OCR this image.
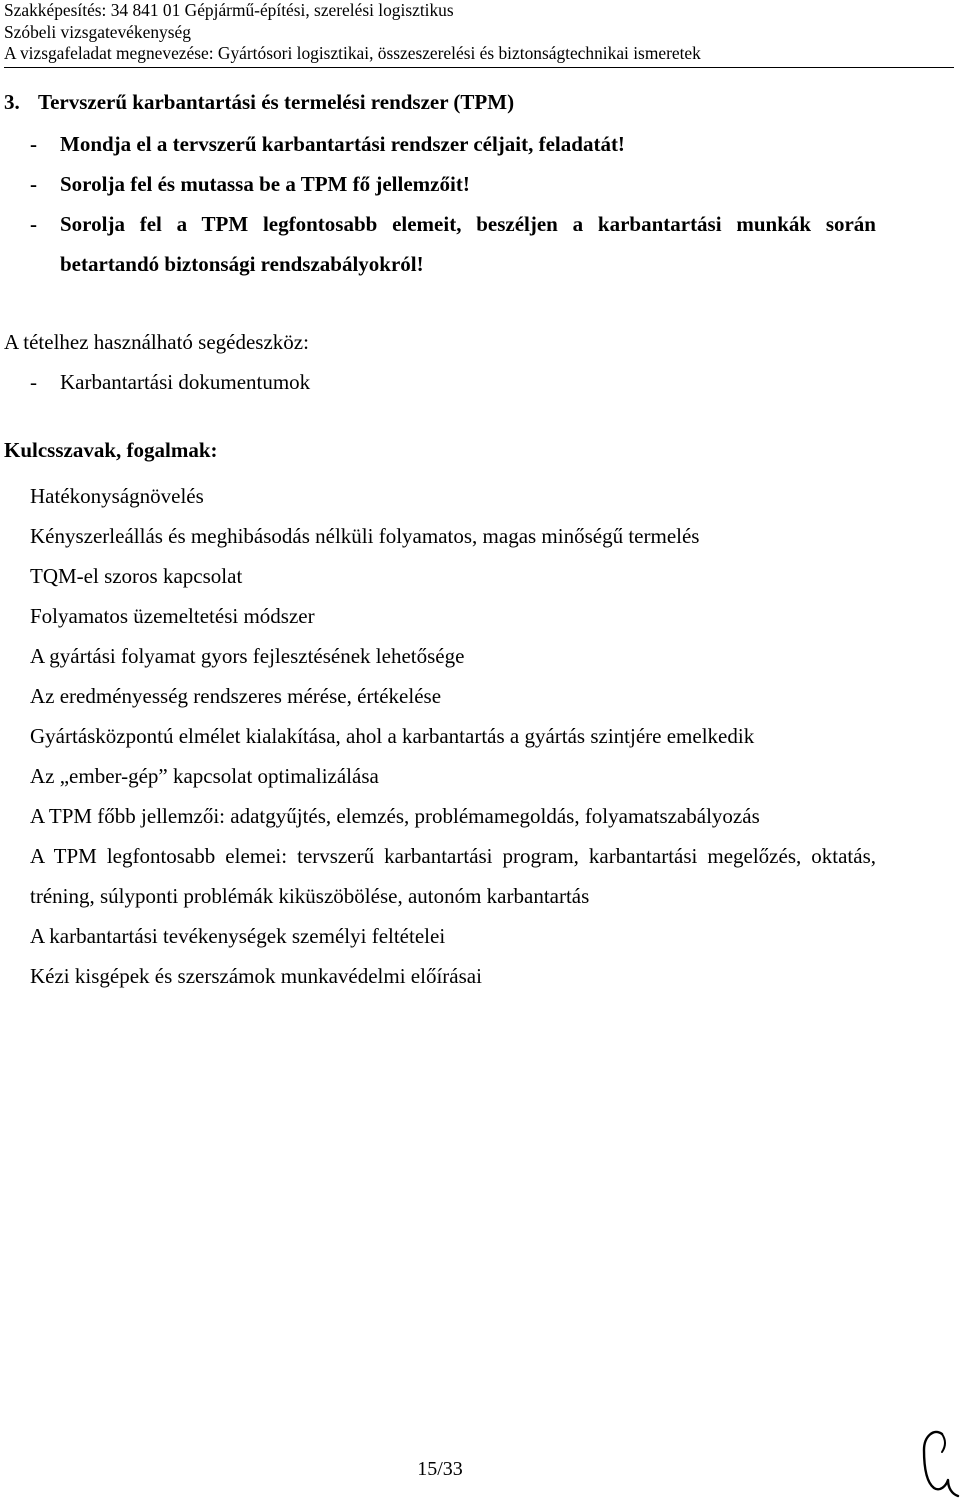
Szakképesítés: 34 841 01 Gépjármű-építési, szerelési logisztikus
Szóbeli vizsgatevékenység
A vizsgafeladat megnevezése: Gyártósori logisztikai, összeszerelési és biztonságtechnikai ismeretek
3. Tervszerű karbantartási és termelési rendszer (TPM)
- Mondja el a tervszerű karbantartási rendszer céljait, feladatát!
- Sorolja fel és mutassa be a TPM fő jellemzőit!
- Sorolja fel a TPM legfontosabb elemeit, beszéljen a karbantartási munkák során betartandó biztonsági rendszabályokról!
A tételhez használható segédeszköz:
- Karbantartási dokumentumok
Kulcsszavak, fogalmak:
Hatékonyságnövelés
Kényszerleállás és meghibásodás nélküli folyamatos, magas minőségű termelés
TQM-el szoros kapcsolat
Folyamatos üzemeltetési módszer
A gyártási folyamat gyors fejlesztésének lehetősége
Az eredményesség rendszeres mérése, értékelése
Gyártásközpontú elmélet kialakítása, ahol a karbantartás a gyártás szintjére emelkedik
Az „ember-gép” kapcsolat optimalizálása
A TPM főbb jellemzői: adatgyűjtés, elemzés, problémamegoldás, folyamatszabályozás
A TPM legfontosabb elemei: tervszerű karbantartási program, karbantartási megelőzés, oktatás, tréning, súlyponti problémák kiküszöbölése, autonóm karbantartás
A karbantartási tevékenységek személyi feltételei
Kézi kisgépek és szerszámok munkavédelmi előírásai
15/33
